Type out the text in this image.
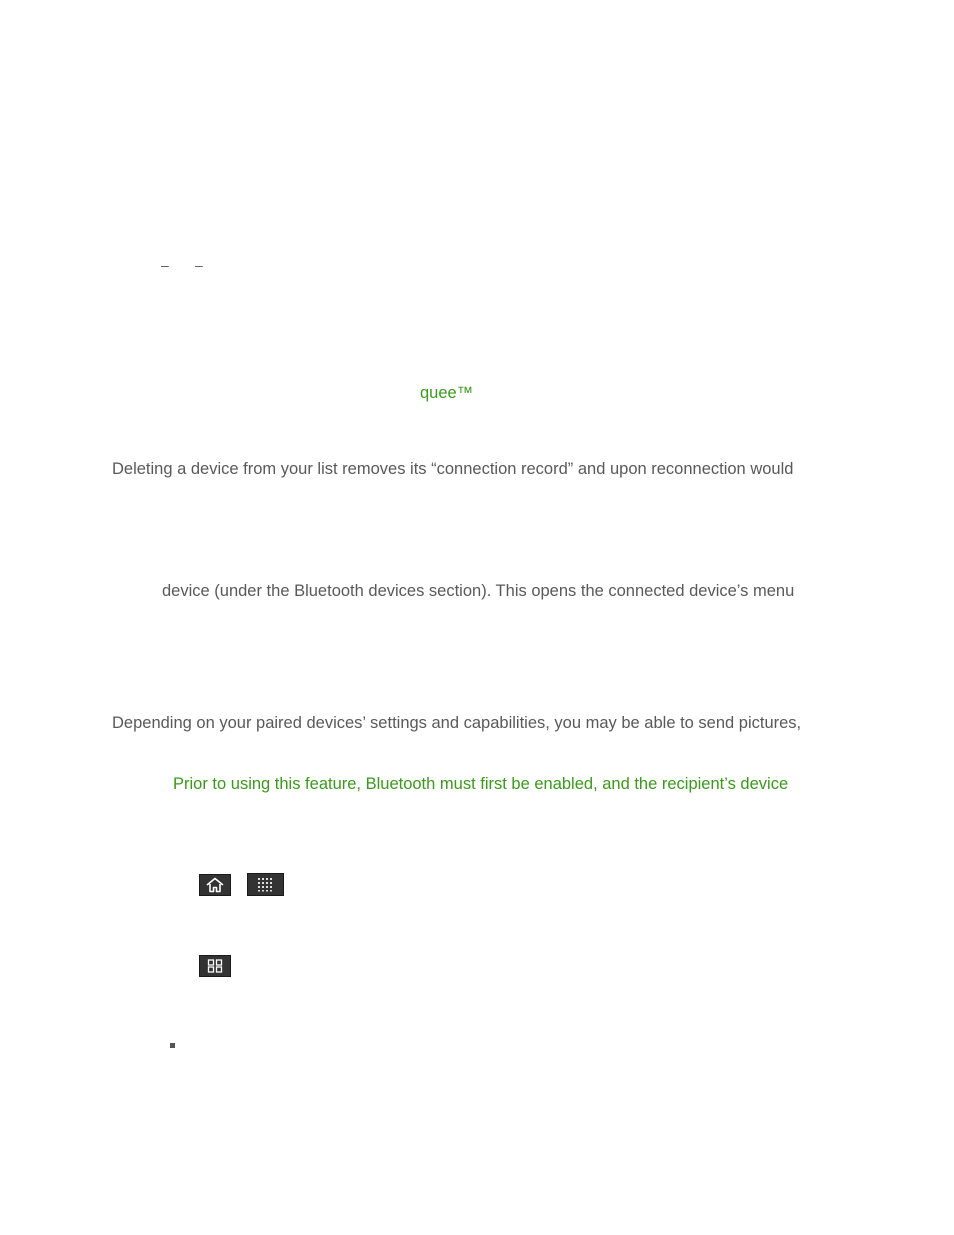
– –
quee™
Deleting a device from your list removes its “connection record” and upon reconnection would
device (under the Bluetooth devices section). This opens the connected device’s menu
Depending on your paired devices’ settings and capabilities, you may be able to send pictures,
Prior to using this feature, Bluetooth must first be enabled, and the recipient’s device
